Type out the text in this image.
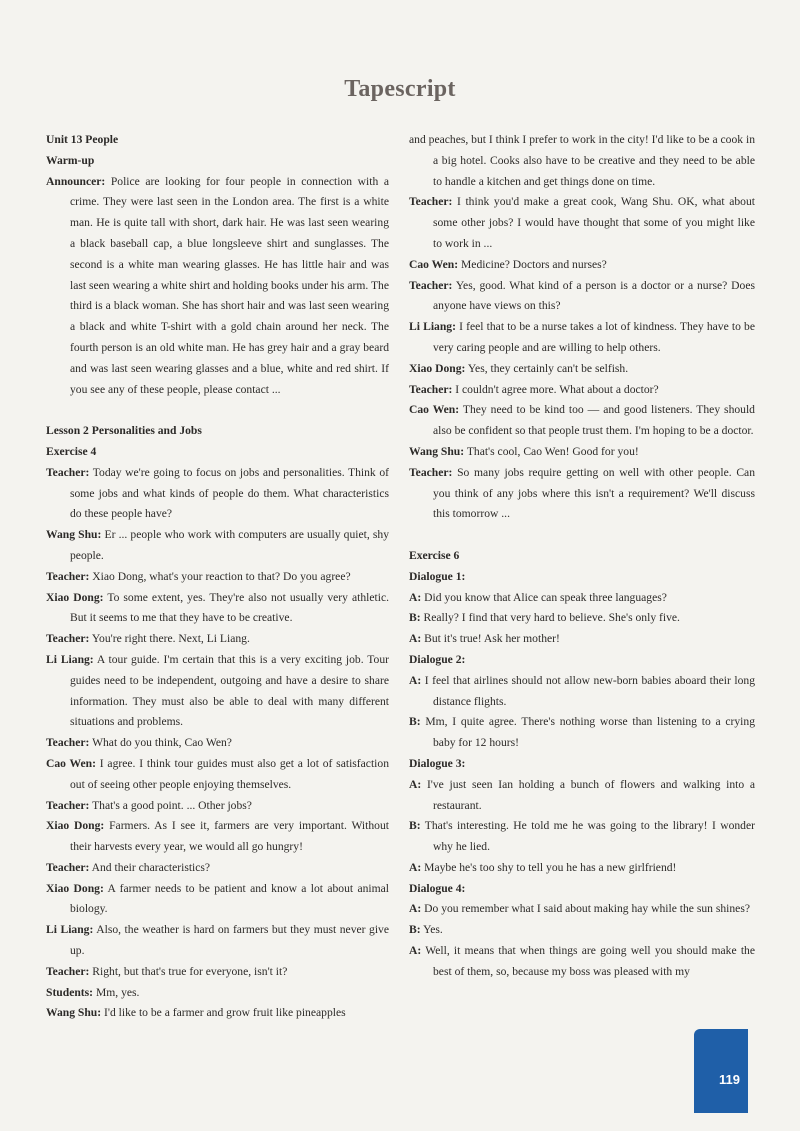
Tapescript
Unit 13 People
Warm-up
Announcer: Police are looking for four people in connection with a crime. They were last seen in the London area. The first is a white man. He is quite tall with short, dark hair. He was last seen wearing a black baseball cap, a blue longsleeve shirt and sunglasses. The second is a white man wearing glasses. He has little hair and was last seen wearing a white shirt and holding books under his arm. The third is a black woman. She has short hair and was last seen wearing a black and white T-shirt with a gold chain around her neck. The fourth person is an old white man. He has grey hair and a gray beard and was last seen wearing glasses and a blue, white and red shirt. If you see any of these people, please contact ...
Lesson 2 Personalities and Jobs
Exercise 4
Teacher: Today we're going to focus on jobs and personalities. Think of some jobs and what kinds of people do them. What characteristics do these people have?
Wang Shu: Er ... people who work with computers are usually quiet, shy people.
Teacher: Xiao Dong, what's your reaction to that? Do you agree?
Xiao Dong: To some extent, yes. They're also not usually very athletic. But it seems to me that they have to be creative.
Teacher: You're right there. Next, Li Liang.
Li Liang: A tour guide. I'm certain that this is a very exciting job. Tour guides need to be independent, outgoing and have a desire to share information. They must also be able to deal with many different situations and problems.
Teacher: What do you think, Cao Wen?
Cao Wen: I agree. I think tour guides must also get a lot of satisfaction out of seeing other people enjoying themselves.
Teacher: That's a good point. ... Other jobs?
Xiao Dong: Farmers. As I see it, farmers are very important. Without their harvests every year, we would all go hungry!
Teacher: And their characteristics?
Xiao Dong: A farmer needs to be patient and know a lot about animal biology.
Li Liang: Also, the weather is hard on farmers but they must never give up.
Teacher: Right, but that's true for everyone, isn't it?
Students: Mm, yes.
Wang Shu: I'd like to be a farmer and grow fruit like pineapples
and peaches, but I think I prefer to work in the city! I'd like to be a cook in a big hotel. Cooks also have to be creative and they need to be able to handle a kitchen and get things done on time.
Teacher: I think you'd make a great cook, Wang Shu. OK, what about some other jobs? I would have thought that some of you might like to work in ...
Cao Wen: Medicine? Doctors and nurses?
Teacher: Yes, good. What kind of a person is a doctor or a nurse? Does anyone have views on this?
Li Liang: I feel that to be a nurse takes a lot of kindness. They have to be very caring people and are willing to help others.
Xiao Dong: Yes, they certainly can't be selfish.
Teacher: I couldn't agree more. What about a doctor?
Cao Wen: They need to be kind too — and good listeners. They should also be confident so that people trust them. I'm hoping to be a doctor.
Wang Shu: That's cool, Cao Wen! Good for you!
Teacher: So many jobs require getting on well with other people. Can you think of any jobs where this isn't a requirement? We'll discuss this tomorrow ...
Exercise 6
Dialogue 1:
A: Did you know that Alice can speak three languages?
B: Really? I find that very hard to believe. She's only five.
A: But it's true! Ask her mother!
Dialogue 2:
A: I feel that airlines should not allow new-born babies aboard their long distance flights.
B: Mm, I quite agree. There's nothing worse than listening to a crying baby for 12 hours!
Dialogue 3:
A: I've just seen Ian holding a bunch of flowers and walking into a restaurant.
B: That's interesting. He told me he was going to the library! I wonder why he lied.
A: Maybe he's too shy to tell you he has a new girlfriend!
Dialogue 4:
A: Do you remember what I said about making hay while the sun shines?
B: Yes.
A: Well, it means that when things are going well you should make the best of them, so, because my boss was pleased with my
119
